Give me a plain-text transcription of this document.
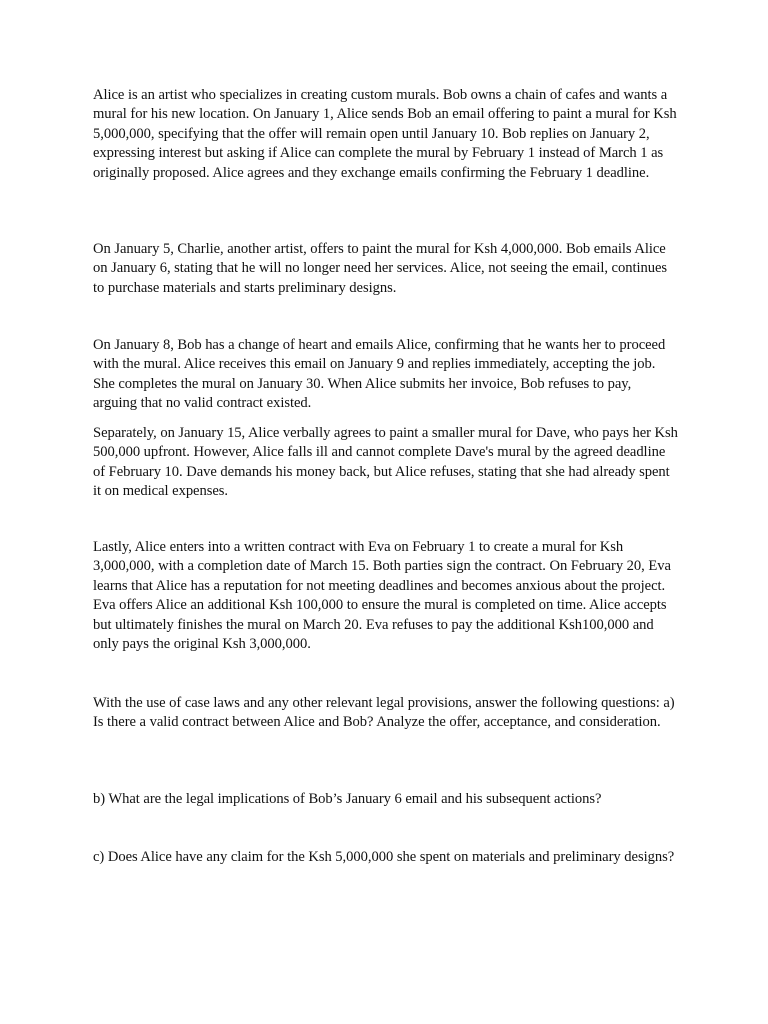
Alice is an artist who specializes in creating custom murals. Bob owns a chain of cafes and wants a mural for his new location. On January 1, Alice sends Bob an email offering to paint a mural for Ksh 5,000,000, specifying that the offer will remain open until January 10. Bob replies on January 2, expressing interest but asking if Alice can complete the mural by February 1 instead of March 1 as originally proposed. Alice agrees and they exchange emails confirming the February 1 deadline.

On January 5, Charlie, another artist, offers to paint the mural for Ksh 4,000,000. Bob emails Alice on January 6, stating that he will no longer need her services. Alice, not seeing the email, continues to purchase materials and starts preliminary designs.

On January 8, Bob has a change of heart and emails Alice, confirming that he wants her to proceed with the mural. Alice receives this email on January 9 and replies immediately, accepting the job. She completes the mural on January 30. When Alice submits her invoice, Bob refuses to pay, arguing that no valid contract existed.

Separately, on January 15, Alice verbally agrees to paint a smaller mural for Dave, who pays her Ksh 500,000 upfront. However, Alice falls ill and cannot complete Dave's mural by the agreed deadline of February 10. Dave demands his money back, but Alice refuses, stating that she had already spent it on medical expenses.

Lastly, Alice enters into a written contract with Eva on February 1 to create a mural for Ksh 3,000,000, with a completion date of March 15. Both parties sign the contract. On February 20, Eva learns that Alice has a reputation for not meeting deadlines and becomes anxious about the project. Eva offers Alice an additional Ksh 100,000 to ensure the mural is completed on time. Alice accepts but ultimately finishes the mural on March 20. Eva refuses to pay the additional Ksh100,000 and only pays the original Ksh 3,000,000.

With the use of case laws and any other relevant legal provisions, answer the following questions: a) Is there a valid contract between Alice and Bob? Analyze the offer, acceptance, and consideration.

b) What are the legal implications of Bob’s January 6 email and his subsequent actions?

c) Does Alice have any claim for the Ksh 5,000,000 she spent on materials and preliminary designs?
